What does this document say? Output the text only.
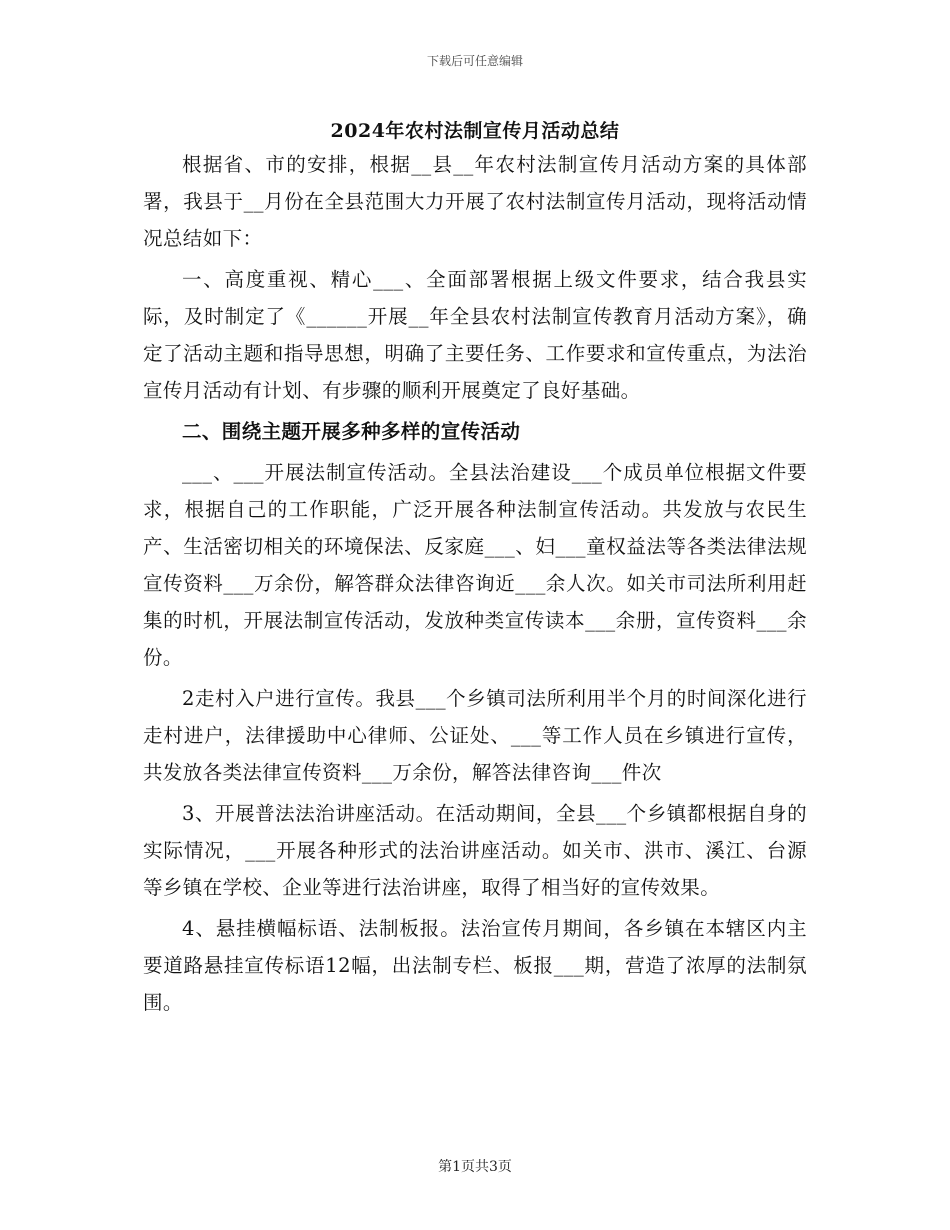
下载后可任意编辑
2024年农村法制宣传月活动总结

根据省、市的安排，根据__县__年农村法制宣传月活动方案的具体部署，我县于__月份在全县范围大力开展了农村法制宣传月活动，现将活动情况总结如下：

一、高度重视、精心___、全面部署根据上级文件要求，结合我县实际，及时制定了《______开展__年全县农村法制宣传教育月活动方案》，确定了活动主题和指导思想，明确了主要任务、工作要求和宣传重点，为法治宣传月活动有计划、有步骤的顺利开展奠定了良好基础。

二、围绕主题开展多种多样的宣传活动

___、___开展法制宣传活动。全县法治建设___个成员单位根据文件要求，根据自己的工作职能，广泛开展各种法制宣传活动。共发放与农民生产、生活密切相关的环境保法、反家庭___、妇___童权益法等各类法律法规宣传资料___万余份，解答群众法律咨询近___余人次。如关市司法所利用赶集的时机，开展法制宣传活动，发放种类宣传读本___余册，宣传资料___余份。

2走村入户进行宣传。我县___个乡镇司法所利用半个月的时间深化进行走村进户，法律援助中心律师、公证处、___等工作人员在乡镇进行宣传，共发放各类法律宣传资料___万余份，解答法律咨询___件次

3、开展普法法治讲座活动。在活动期间，全县___个乡镇都根据自身的实际情况，___开展各种形式的法治讲座活动。如关市、洪市、溪江、台源等乡镇在学校、企业等进行法治讲座，取得了相当好的宣传效果。

4、悬挂横幅标语、法制板报。法治宣传月期间，各乡镇在本辖区内主要道路悬挂宣传标语12幅，出法制专栏、板报___期，营造了浓厚的法制氛围。

第1页共3页
